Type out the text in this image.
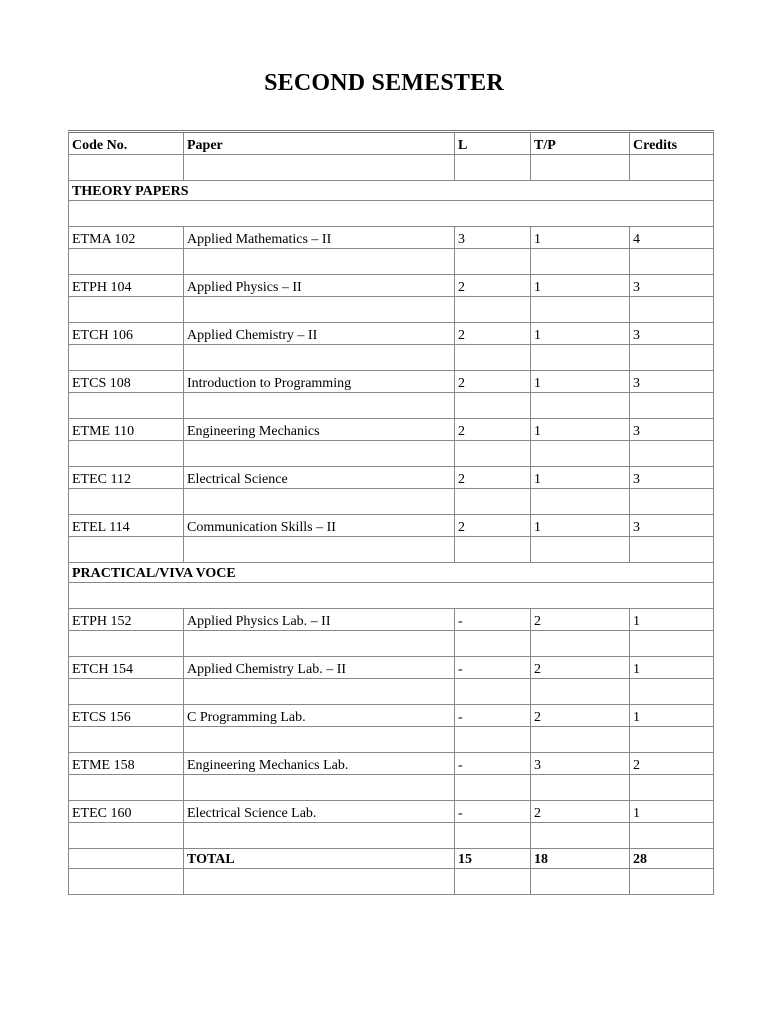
SECOND SEMESTER
Code No.	Paper	L	T/P	Credits

THEORY PAPERS				

ETMA 102	Applied Mathematics – II	3	1	4

ETPH 104	Applied Physics – II	2	1	3

ETCH 106	Applied Chemistry – II	2	1	3

ETCS 108	Introduction to Programming	2	1	3

ETME 110	Engineering Mechanics	2	1	3

ETEC 112	Electrical Science	2	1	3

ETEL 114	Communication Skills – II	2	1	3

PRACTICAL/VIVA VOCE				

ETPH 152	Applied Physics Lab. – II	-	2	1

ETCH 154	Applied Chemistry Lab. – II	-	2	1

ETCS 156	C Programming Lab.	-	2	1

ETME 158	Engineering Mechanics Lab.	-	3	2

ETEC 160	Electrical Science Lab.	-	2	1

	TOTAL	15	18	28
